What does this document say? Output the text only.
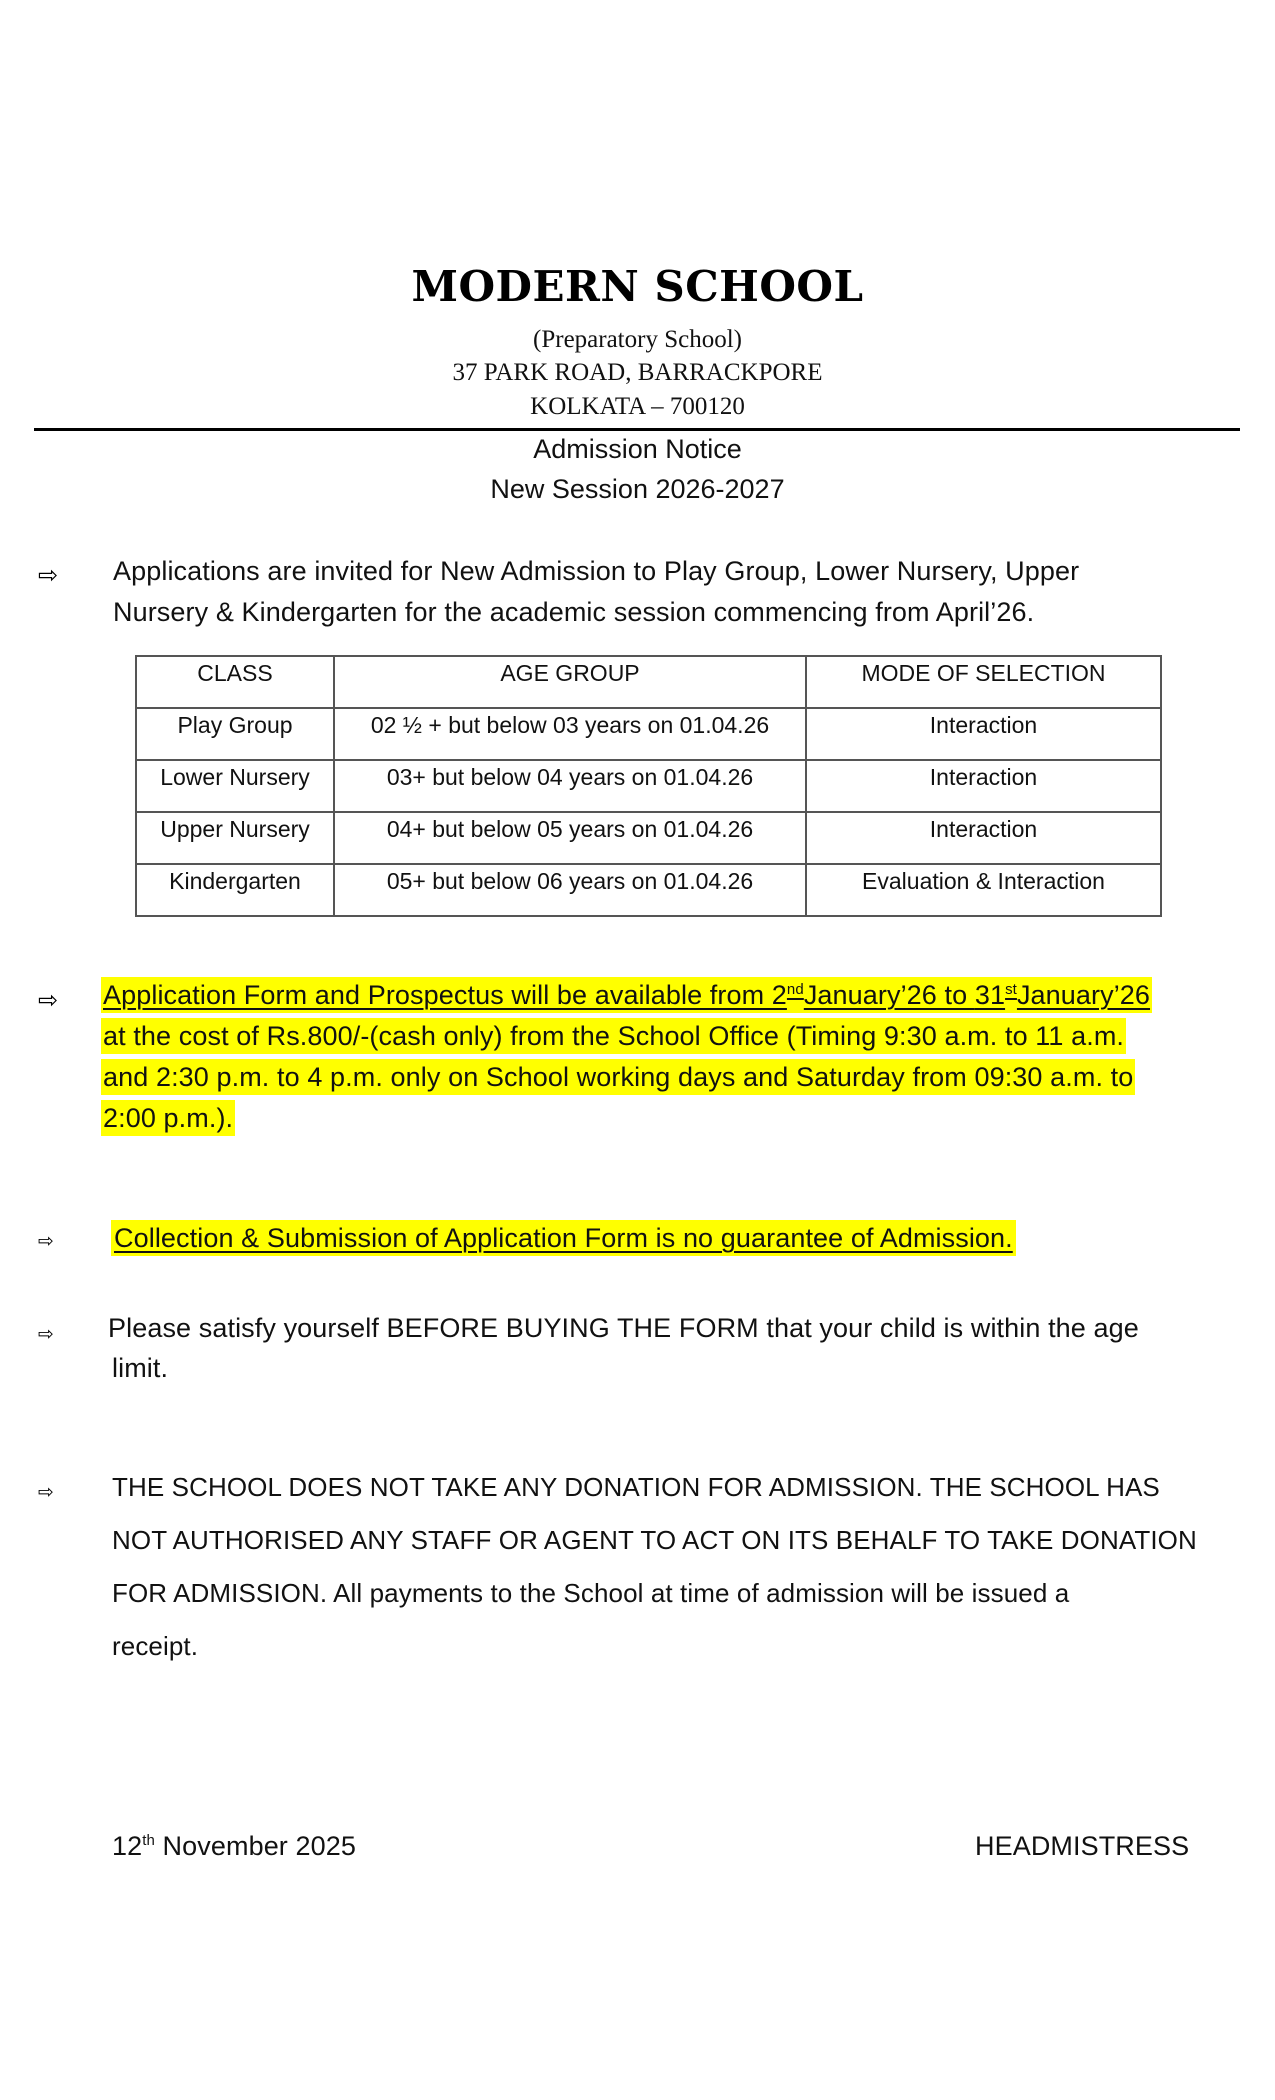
MODERN SCHOOL
(Preparatory School)
37 PARK ROAD, BARRACKPORE
KOLKATA – 700120
Admission Notice
New Session 2026-2027
⇨ Applications are invited for New Admission to Play Group, Lower Nursery, Upper
Nursery & Kindergarten for the academic session commencing from April’26.
CLASS	AGE GROUP	MODE OF SELECTION
Play Group	02 ½ + but below 03 years on 01.04.26	Interaction
Lower Nursery	03+ but below 04 years on 01.04.26	Interaction
Upper Nursery	04+ but below 05 years on 01.04.26	Interaction
Kindergarten	05+ but below 06 years on 01.04.26	Evaluation & Interaction
⇨ Application Form and Prospectus will be available from 2ndJanuary’26 to 31stJanuary’26
at the cost of Rs.800/-(cash only) from the School Office (Timing 9:30 a.m. to 11 a.m.
and 2:30 p.m. to 4 p.m. only on School working days and Saturday from 09:30 a.m. to
2:00 p.m.).
⇨ Collection & Submission of Application Form is no guarantee of Admission.
⇨ Please satisfy yourself BEFORE BUYING THE FORM that your child is within the age
limit.
⇨ THE SCHOOL DOES NOT TAKE ANY DONATION FOR ADMISSION. THE SCHOOL HAS
NOT AUTHORISED ANY STAFF OR AGENT TO ACT ON ITS BEHALF TO TAKE DONATION
FOR ADMISSION. All payments to the School at time of admission will be issued a
receipt.
12th November 2025	HEADMISTRESS
